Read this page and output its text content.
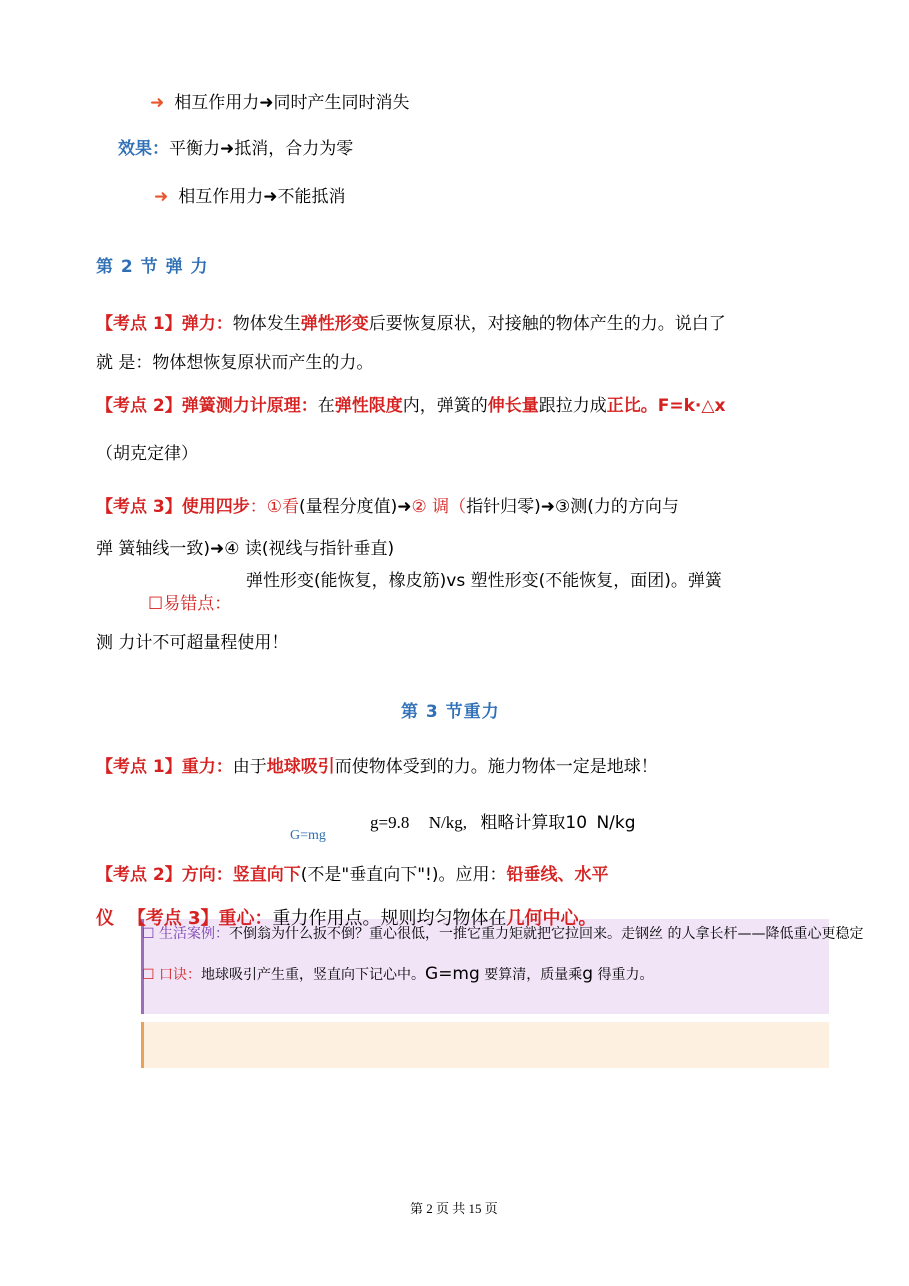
➜ 相互作用力➜同时产生同时消失
效果：平衡力➜抵消，合力为零
➜ 相互作用力➜不能抵消
第 2 节 弹 力
【考点 1】弹力：物体发生弹性形变后要恢复原状，对接触的物体产生的力。说白了
就 是：物体想恢复原状而产生的力。
【考点 2】弹簧测力计原理：在弹性限度内，弹簧的伸长量跟拉力成正比。F=k·△x
（胡克定律）
【考点 3】使用四步：①看(量程分度值)➜② 调（指针归零)➜③测(力的方向与
弹 簧轴线一致)➜④ 读(视线与指针垂直)
弹性形变(能恢复，橡皮筋)vs 塑性形变(不能恢复，面团)。弹簧
☐易错点：
测 力计不可超量程使用！
第 3 节重力
【考点 1】重力：由于地球吸引而使物体受到的力。施力物体一定是地球！
G=mg
g=9.8 N/kg, 粗略计算取10 N/kg
【考点 2】方向：竖直向下(不是"垂直向下"!)。应用：铅垂线、水平
☐ 生活案例：不倒翁为什么扳不倒？重心很低，一推它重力矩就把它拉回来。走钢丝 的人拿长杆——降低重心更稳定
仪 【考点 3】重心：重力作用点。规则均匀物体在几何中心。
☐ 口诀：地球吸引产生重，竖直向下记心中。G=mg 要算清，质量乘g 得重力。
第 2 页 共 15 页
